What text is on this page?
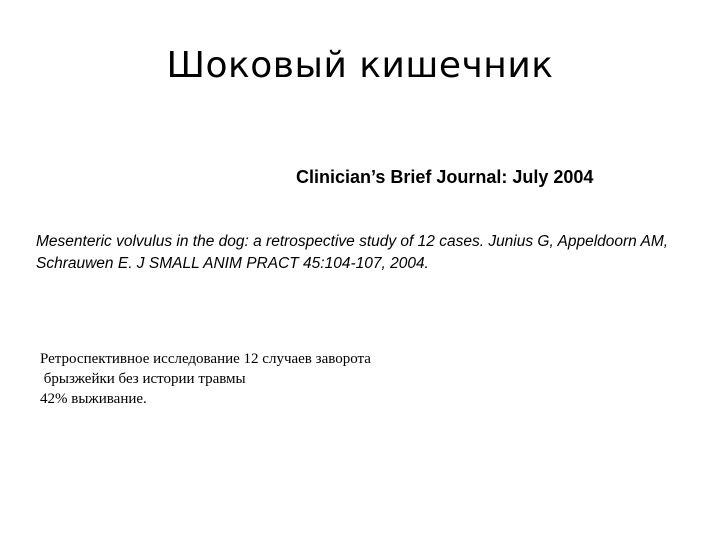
Шоковый кишечник
Clinician’s Brief Journal: July 2004
Mesenteric volvulus in the dog: a retrospective study of 12 cases. Junius G, Appeldoorn AM,
Schrauwen E. J SMALL ANIM PRACT 45:104-107, 2004.
Ретроспективное исследование 12 случаев заворота
брызжейки без истории травмы
42% выживание.
